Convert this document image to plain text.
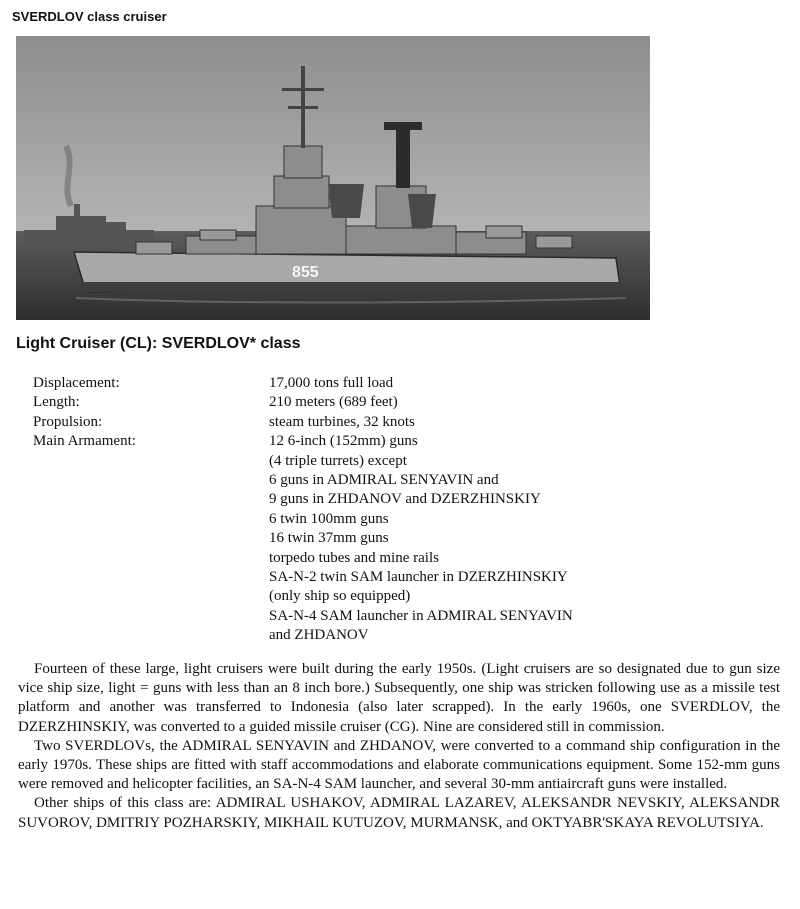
SVERDLOV class cruiser
855
Light Cruiser (CL): SVERDLOV* class
Displacement:	17,000 tons full load
Length:	210 meters (689 feet)
Propulsion:	steam turbines, 32 knots
Main Armament:	12 6-inch (152mm) guns
(4 triple turrets) except
6 guns in ADMIRAL SENYAVIN and
9 guns in ZHDANOV and DZERZHINSKIY
6 twin 100mm guns
16 twin 37mm guns
torpedo tubes and mine rails
SA-N-2 twin SAM launcher in DZERZHINSKIY
(only ship so equipped)
SA-N-4 SAM launcher in ADMIRAL SENYAVIN
and ZHDANOV

Fourteen of these large, light cruisers were built during the early 1950s. (Light cruisers are so designated due to gun size vice ship size, light = guns with less than an 8 inch bore.) Subsequently, one ship was stricken following use as a missile test platform and another was transferred to Indonesia (also later scrapped). In the early 1960s, one SVERDLOV, the DZERZHINSKIY, was converted to a guided missile cruiser (CG). Nine are considered still in commission.

Two SVERDLOVs, the ADMIRAL SENYAVIN and ZHDANOV, were converted to a command ship configuration in the early 1970s. These ships are fitted with staff accommodations and elaborate communications equipment. Some 152-mm guns were removed and helicopter facilities, an SA-N-4 SAM launcher, and several 30-mm antiaircraft guns were installed.

Other ships of this class are: ADMIRAL USHAKOV, ADMIRAL LAZAREV, ALEKSANDR NEVSKIY, ALEKSANDR SUVOROV, DMITRIY POZHARSKIY, MIKHAIL KUTUZOV, MURMANSK, and OKTYABR'SKAYA REVOLUTSIYA.
